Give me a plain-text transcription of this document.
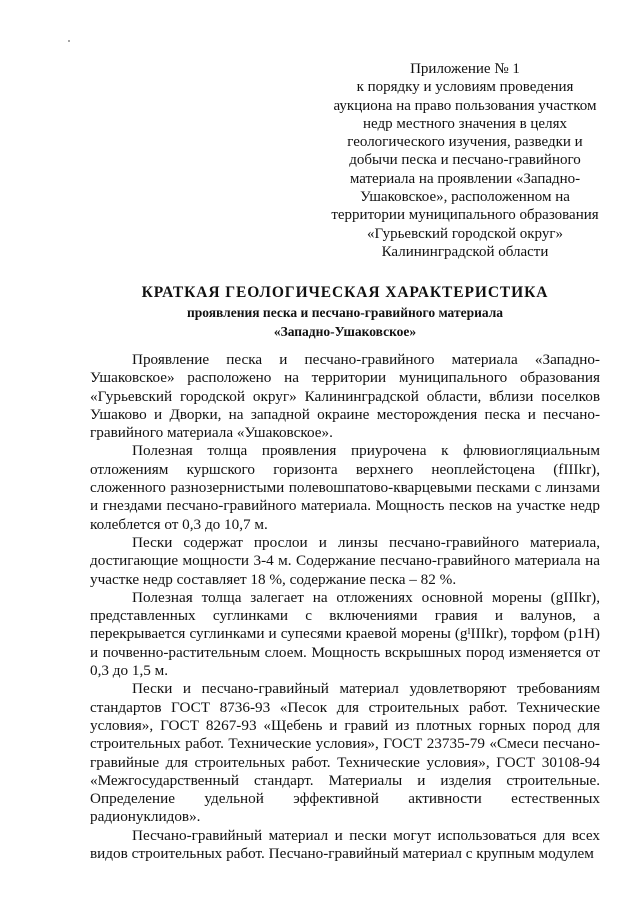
Приложение № 1
к порядку и условиям проведения
аукциона на право пользования участком
недр местного значения в целях
геологического изучения, разведки и
добычи песка и песчано-гравийного
материала на проявлении «Западно-
Ушаковское», расположенном на
территории муниципального образования
«Гурьевский городской округ»
Калининградской области
КРАТКАЯ ГЕОЛОГИЧЕСКАЯ ХАРАКТЕРИСТИКА
проявления песка и песчано-гравийного материала
«Западно-Ушаковское»

Проявление песка и песчано-гравийного материала «Западно-Ушаковское» расположено на территории муниципального образования «Гурьевский городской округ» Калининградской области, вблизи поселков Ушаково и Дворки, на западной окраине месторождения песка и песчано-гравийного материала «Ушаковское».

Полезная толща проявления приурочена к флювиогляциальным отложениям куршского горизонта верхнего неоплейстоцена (fIIIkr), сложенного разнозернистыми полевошпатово-кварцевыми песками с линзами и гнездами песчано-гравийного материала. Мощность песков на участке недр колеблется от 0,3 до 10,7 м.

Пески содержат прослои и линзы песчано-гравийного материала, достигающие мощности 3-4 м. Содержание песчано-гравийного материала на участке недр составляет 18 %, содержание песка – 82 %.

Полезная толща залегает на отложениях основной морены (gIIIkr), представленных суглинками с включениями гравия и валунов, а перекрывается суглинками и супесями краевой морены (gᴵIIIkr), торфом (p1H) и почвенно-растительным слоем. Мощность вскрышных пород изменяется от 0,3 до 1,5 м.

Пески и песчано-гравийный материал удовлетворяют требованиям стандартов ГОСТ 8736-93 «Песок для строительных работ. Технические условия», ГОСТ 8267-93 «Щебень и гравий из плотных горных пород для строительных работ. Технические условия», ГОСТ 23735-79 «Смеси песчано-гравийные для строительных работ. Технические условия», ГОСТ 30108-94 «Межгосударственный стандарт. Материалы и изделия строительные. Определение удельной эффективной активности естественных радионуклидов».

Песчано-гравийный материал и пески могут использоваться для всех видов строительных работ. Песчано-гравийный материал с крупным модулем
